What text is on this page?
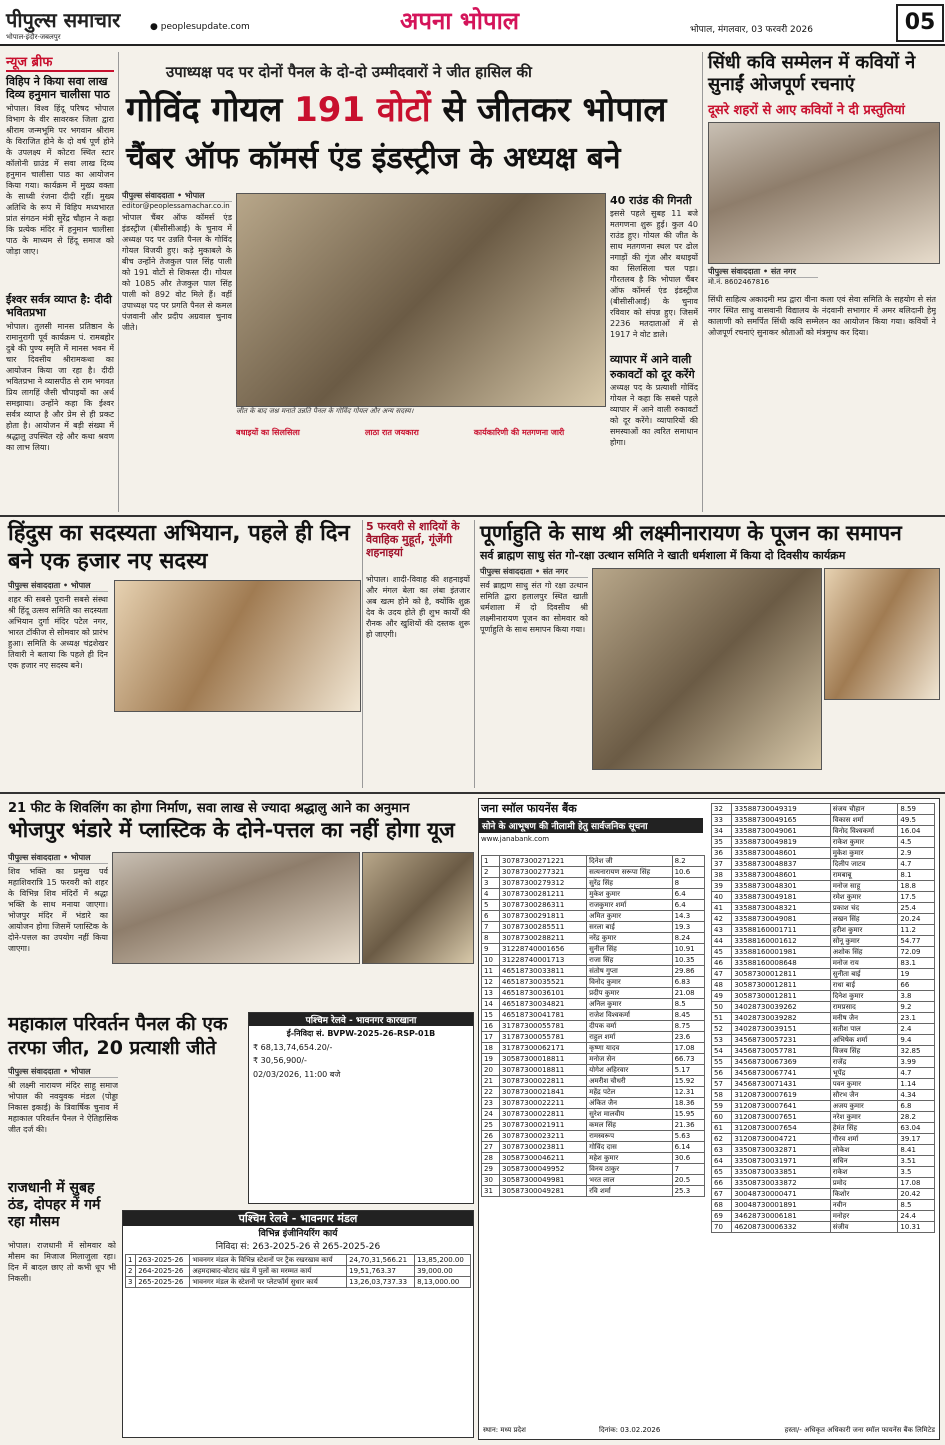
पीपुल्स समाचार
भोपाल-इंदौर-जबलपुर
● peoplesupdate.com	अपना भोपाल	भोपाल, मंगलवार, 03 फरवरी 2026	05
न्यूज ब्रीफ
विहिप ने किया सवा लाख दिव्य हनुमान चालीसा पाठ
भोपाल। विश्व हिंदू परिषद भोपाल विभाग के वीर सावरकर जिला द्वारा श्रीराम जन्मभूमि पर भगवान श्रीराम के विराजित होने के दो वर्ष पूर्ण होने के उपलक्ष्य में कोटरा स्थित स्टार कॉलोनी ग्राउंड में सवा लाख दिव्य हनुमान चालीसा पाठ का आयोजन किया गया। कार्यक्रम में मुख्य वक्ता के साध्वी रंजना दीदी रहीं। मुख्य अतिथि के रूप में विहिप मध्यभारत प्रांत संगठन मंत्री सुरेंद्र चौहान ने कहा कि प्रत्येक मंदिर में हनुमान चालीसा पाठ के माध्यम से हिंदू समाज को जोड़ा जाए।
ईश्वर सर्वत्र व्याप्त है: दीदी भवितप्रभा
भोपाल। तुलसी मानस प्रतिष्ठान के रामानुरागी पूर्व कार्यक्रम पं. रामबहोर दुबे की पुण्य स्मृति में मानस भवन में चार दिवसीय श्रीरामकथा का आयोजन किया जा रहा है। दीदी भवितप्रभा ने व्यासपीठ से राम भगवत प्रिय लागहिं जैसी चौपाइयों का अर्थ समझाया। उन्होंने कहा कि ईश्वर सर्वत्र व्याप्त है और प्रेम से ही प्रकट होता है। आयोजन में बड़ी संख्या में श्रद्धालु उपस्थित रहे और कथा श्रवण का लाभ लिया।
उपाध्यक्ष पद पर दोनों पैनल के दो-दो उम्मीदवारों ने जीत हासिल की
गोविंद गोयल 191 वोटों से जीतकर भोपाल
चैंबर ऑफ कॉमर्स एंड इंडस्ट्रीज के अध्यक्ष बने
पीपुल्स संवाददाता • भोपाल
editor@peoplessamachar.co.in
भोपाल चैंबर ऑफ कॉमर्स एंड इंडस्ट्रीज (बीसीसीआई) के चुनाव में अध्यक्ष पद पर उन्नति पैनल के गोविंद गोयल विजयी हुए। कड़े मुकाबले के बीच उन्होंने तेजकुल पाल सिंह पाली को 191 वोटों से शिकस्त दी। गोयल को 1085 और तेजकुल पाल सिंह पाली को 892 वोट मिले हैं। वहीं उपाध्यक्ष पद पर प्रगति पैनल से कमल पंजवानी और प्रदीप अग्रवाल चुनाव जीते।
जीत के बाद जश्न मनाते उन्नति पैनल के गोविंद गोयल और अन्य सदस्य।
40 राउंड की गिनती
इससे पहले सुबह 11 बजे मतगणना शुरू हुई। कुल 40 राउंड हुए। गोयल की जीत के साथ मतगणना स्थल पर ढोल नगाड़ों की गूंज और बधाइयों का सिलसिला चल पड़ा। गौरतलब है कि भोपाल चैंबर ऑफ कॉमर्स एंड इंडस्ट्रीज (बीसीसीआई) के चुनाव रविवार को संपन्न हुए। जिसमें 2236 मतदाताओं में से 1917 ने वोट डाले।
व्यापार में आने वाली रुकावटों को दूर करेंगे
अध्यक्ष पद के प्रत्याशी गोविंद गोयल ने कहा कि सबसे पहले व्यापार में आने वाली रुकावटों को दूर करेंगे। व्यापारियों की समस्याओं का त्वरित समाधान होगा।
बधाइयों का सिलसिला	लाठा रात जयकारा	कार्यकारिणी की मतगणना जारी
सिंधी कवि सम्मेलन में कवियों ने सुनाईं ओजपूर्ण रचनाएं
दूसरे शहरों से आए कवियों ने दी प्रस्तुतियां
पीपुल्स संवाददाता • संत नगर
मो.नं. 8602467816
सिंधी साहित्य अकादमी मप्र द्वारा वीना कला एवं सेवा समिति के सहयोग से संत नगर स्थित साधु वासवानी विद्यालय के नंदवानी सभागार में अमर बलिदानी हेमू कालाणी को समर्पित सिंधी कवि सम्मेलन का आयोजन किया गया। कवियों ने ओजपूर्ण रचनाएं सुनाकर श्रोताओं को मंत्रमुग्ध कर दिया।
हिंदुस का सदस्यता अभियान, पहले ही दिन बने एक हजार नए सदस्य
पीपुल्स संवाददाता • भोपाल
शहर की सबसे पुरानी सबसे संस्था श्री हिंदू उत्सव समिति का सदस्यता अभियान दुर्गा मंदिर पटेल नगर, भारत टॉकीज से सोमवार को प्रारंभ हुआ। समिति के अध्यक्ष चंद्रशेखर तिवारी ने बताया कि पहले ही दिन एक हजार नए सदस्य बने।
5 फरवरी से शादियों के वैवाहिक मुहूर्त, गूंजेंगी शहनाइयां
भोपाल। शादी-विवाह की शहनाइयों और मंगल बेला का लंबा इंतजार अब खत्म होने को है, क्योंकि शुक्र देव के उदय होते ही शुभ कार्यों की रौनक और खुशियों की दस्तक शुरू हो जाएगी।
पूर्णाहुति के साथ श्री लक्ष्मीनारायण के पूजन का समापन
सर्व ब्राह्मण साधु संत गो-रक्षा उत्थान समिति ने खाती धर्मशाला में किया दो दिवसीय कार्यक्रम
पीपुल्स संवाददाता • संत नगर
सर्व ब्राह्मण साधु संत गो रक्षा उत्थान समिति द्वारा हलालपुर स्थित खाती धर्मशाला में दो दिवसीय श्री लक्ष्मीनारायण पूजन का सोमवार को पूर्णाहुति के साथ समापन किया गया।
21 फीट के शिवलिंग का होगा निर्माण, सवा लाख से ज्यादा श्रद्धालु आने का अनुमान
भोजपुर भंडारे में प्लास्टिक के दोने-पत्तल का नहीं होगा यूज
पीपुल्स संवाददाता • भोपाल
शिव भक्ति का प्रमुख पर्व महाशिवरात्रि 15 फरवरी को शहर के विभिन्न शिव मंदिरों में श्रद्धा भक्ति के साथ मनाया जाएगा। भोजपुर मंदिर में भंडारे का आयोजन होगा जिसमें प्लास्टिक के दोने-पत्तल का उपयोग नहीं किया जाएगा।
महाकाल परिवर्तन पैनल की एक तरफा जीत, 20 प्रत्याशी जीते
पीपुल्स संवाददाता • भोपाल
श्री लक्ष्मी नारायण मंदिर साहू समाज भोपाल की नवयुवक मंडल (पोड्डा निकास इकाई) के त्रिवार्षिक चुनाव में महाकाल परिवर्तन पैनल ने ऐतिहासिक जीत दर्ज की।
राजधानी में सुबह ठंड, दोपहर में गर्म रहा मौसम
भोपाल। राजधानी में सोमवार को मौसम का मिजाज मिलाजुला रहा। दिन में बादल छाए तो कभी धूप भी निकली।
पश्चिम रेलवे - भावनगर कारखाना
ई-निविदा सं. BVPW-2025-26-RSP-01B
₹ 68,13,74,654.20/-
₹ 30,56,900/-
02/03/2026, 11:00 बजे
पश्चिम रेलवे - भावनगर मंडल
विभिन्न इंजीनियरिंग कार्य
निविदा सं: 263-2025-26 से 265-2025-26
1	263-2025-26	भावनगर मंडल के विभिन्न स्टेशनों पर ट्रैक रखरखाव कार्य	24,70,31,566.21	13,85,200.00
2	264-2025-26	अहमदाबाद-बोटाद खंड में पुलों का मरम्मत कार्य	19,51,763.37	39,000.00
3	265-2025-26	भावनगर मंडल के स्टेशनों पर प्लेटफॉर्म सुधार कार्य	13,26,03,737.33	8,13,000.00
जना स्मॉल फायनेंस बैंक
सोने के आभूषण की नीलामी हेतु सार्वजनिक सूचना
www.janabank.com
1	30787300271221	दिनेश जी	8.2
2	30787300277321	सत्यनारायण सरूपा सिंह	10.6
3	30787300279312	सुरेंद्र सिंह	8
4	30787300281211	मुकेश कुमार	6.4
5	30787300286311	राजकुमार शर्मा	6.4
6	30787300291811	अमित कुमार	14.3
7	30787300285511	सरला बाई	19.3
8	30787300288211	नरेंद्र कुमार	8.24
9	31228740001656	सुनील सिंह	10.91
10	31228740001713	राजा सिंह	10.35
11	46518730033811	संतोष गुप्ता	29.86
12	46518730035521	विनोद कुमार	6.83
13	46518730036101	प्रदीप कुमार	21.08
14	46518730034821	अनिल कुमार	8.5
15	46518730041781	राजेश विश्वकर्मा	8.45
16	31787300055781	दीपक वर्मा	8.75
17	31787300055781	राहुल शर्मा	23.6
18	31787300062171	कृष्णा यादव	17.08
19	30587300018811	मनोज सेन	66.73
20	30787300018811	योगेश अहिरवार	5.17
21	30787300022811	अमरीश चौधरी	15.92
22	30787300021841	महेंद्र पटेल	12.31
23	30787300022211	अंकित जैन	18.36
24	30787300022811	सुरेश मालवीय	15.95
25	30787300021911	कमल सिंह	21.36
26	30787300023211	रामस्वरूप	5.63
27	30787300023811	गोविंद दास	6.14
28	30587300046211	महेश कुमार	30.6
29	30587300049952	विनय ठाकुर	7
30	30587300049981	भरत लाल	20.5
31	30587300049281	रवि शर्मा	25.3
32	33588730049319	संजय चौहान	8.59
33	33588730049165	विकास शर्मा	49.5
34	33588730049061	विनोद विश्वकर्मा	16.04
35	33588730049819	राकेश कुमार	4.5
36	33588730048601	मुकेश कुमार	2.9
37	33588730048837	दिलीप जाटव	4.7
38	33588730048601	रामबाबू	8.1
39	33588730048301	मनोज साहू	18.8
40	33588730049181	रमेश कुमार	17.5
41	33588730048321	प्रकाश चंद	25.4
42	33588730049081	लखन सिंह	20.24
43	33588160001711	हरीश कुमार	11.2
44	33588160001612	सोनू कुमार	54.77
45	33588160001981	अशोक सिंह	72.09
46	33588160008648	मनोज राय	83.1
47	30587300012811	सुनीता बाई	19
48	30587300012811	राधा बाई	66
49	30587300012811	दिनेश कुमार	3.8
50	34028730039262	रामप्रसाद	9.2
51	34028730039282	मनीष जैन	23.1
52	34028730039151	सतीश पाल	2.4
53	34568730057231	अभिषेक शर्मा	9.4
54	34568730057781	विजय सिंह	32.85
55	34568730067369	राजेंद्र	3.99
56	34568730067741	भूपेंद्र	4.7
57	34568730071431	पवन कुमार	1.14
58	31208730007619	सौरभ जैन	4.34
59	31208730007641	अजय कुमार	6.8
60	31208730007651	नरेश कुमार	28.2
61	31208730007654	हेमंत सिंह	63.04
62	31208730004721	गौरव शर्मा	39.17
63	33508730032871	लोकेश	8.41
64	33508730031971	सचिन	3.51
65	33508730033851	राकेश	3.5
66	33508730033872	प्रमोद	17.08
67	30048730000471	किशोर	20.42
68	30048730001891	नवीन	8.5
69	34628730006181	मनोहर	24.4
70	46208730006332	संजीव	10.31
स्थान: मध्य प्रदेश	दिनांक: 03.02.2026	हस्ता/- अधिकृत अधिकारी जना स्मॉल फायनेंस बैंक लिमिटेड
